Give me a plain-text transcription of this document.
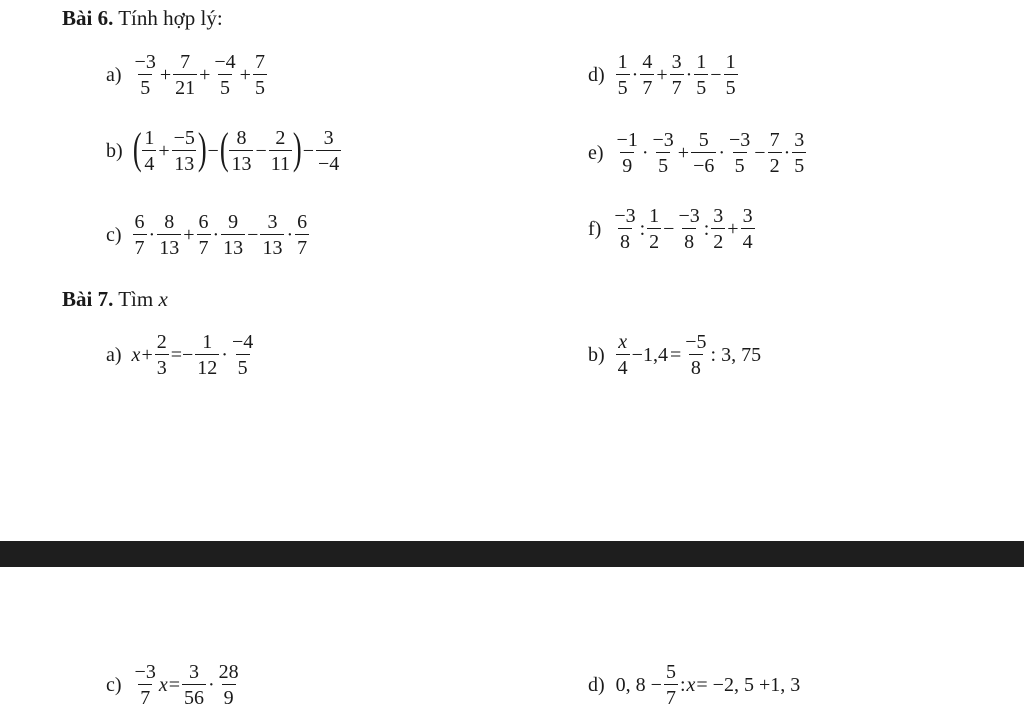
Bài 6. Tính hợp lý:
$a) \frac{-3}{5} + \frac{7}{21} + \frac{-4}{5} + \frac{7}{5}$
b) ( $\frac{1}{4} + \frac{-5}{13}$ ) − ( $\frac{8}{13} - \frac{2}{11}$ ) − $\frac{3}{-4}$
$c) \frac{6}{7} \cdot \frac{8}{13} + \frac{6}{7} \cdot \frac{9}{13} - \frac{3}{13} \cdot \frac{6}{7}$
$d) \frac{1}{5} \cdot \frac{4}{7} + \frac{3}{7} \cdot \frac{1}{5} - \frac{1}{5}$
$e) \frac{-1}{9} \cdot \frac{-3}{5} + \frac{5}{-6} \cdot \frac{-3}{5} - \frac{7}{2} \cdot \frac{3}{5}$
$f) \frac{-3}{8}$ : $\frac{1}{2} - \frac{-3}{8}$ : $\frac{3}{2} + \frac{3}{4}$
Bài 7. Tìm x
a) $x + \frac{2}{3} =- \frac{1}{12} \cdot \frac{-4}{5}$	$b) \frac{x}{4} -1,4 = \frac{-5}{8}$ : 3, 75
$c) \frac{-3}{7}$ $x = \frac{3}{56} \cdot \frac{28}{9}$	d) 0, $8 - \frac{5}{7}$ : x = −2, 5 +1, 3
